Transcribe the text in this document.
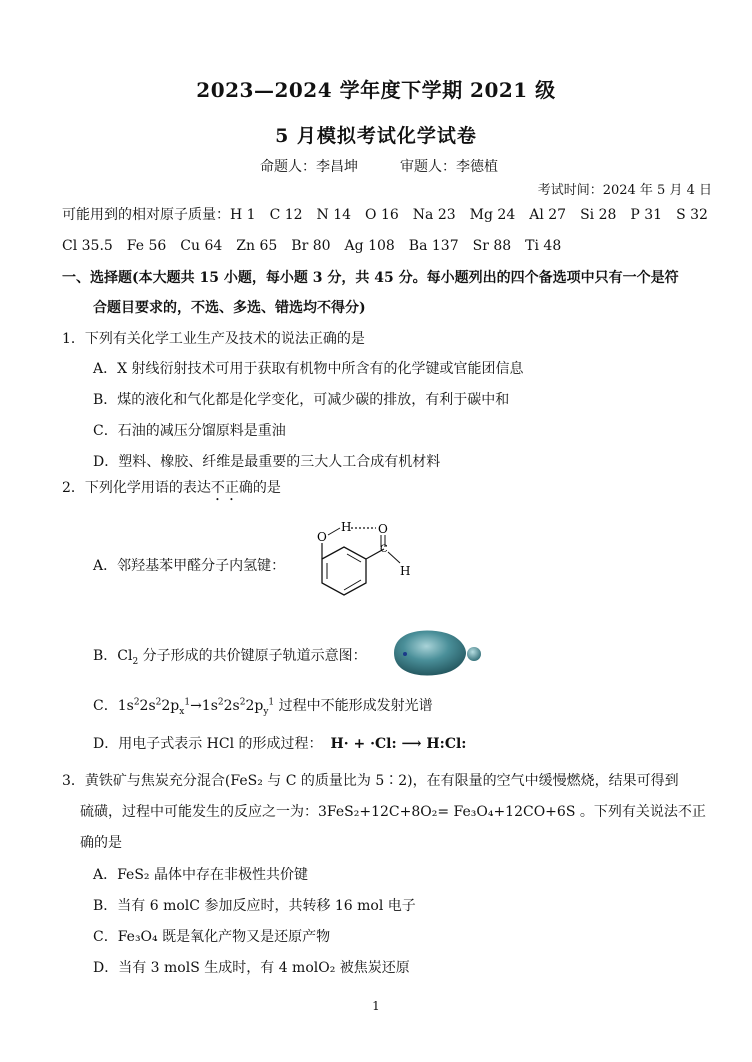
2023—2024 学年度下学期 2021 级
5 月模拟考试化学试卷
命题人：李昌坤	审题人：李德植
考试时间：2024 年 5 月 4 日
可能用到的相对原子质量：H 1　C 12　N 14　O 16　Na 23　Mg 24　Al 27　Si 28　P 31　S 32
Cl 35.5　Fe 56　Cu 64　Zn 65　Br 80　Ag 108　Ba 137　Sr 88　Ti 48
一、选择题(本大题共 15 小题，每小题 3 分，共 45 分。每小题列出的四个备选项中只有一个是符
合题目要求的，不选、多选、错选均不得分)
1．下列有关化学工业生产及技术的说法正确的是
A．X 射线衍射技术可用于获取有机物中所含有的化学键或官能团信息
B．煤的液化和气化都是化学变化，可减少碳的排放，有利于碳中和
C．石油的减压分馏原料是重油
D．塑料、橡胶、纤维是最重要的三大人工合成有机材料
2．下列化学用语的表达不正确的是
A．邻羟基苯甲醛分子内氢键：
O
H O
C
H
B．$Cl_2$ 分子形成的共价键原子轨道示意图：
C．$1s^22s^22p_x^1\to 1s^22s^22p_y^1$ 过程中不能形成发射光谱
D．用电子式表示 HCl 的形成过程： H· + ·Cl: ⟶ H:Cl:
3．黄铁矿与焦炭充分混合(FeS₂ 与 C 的质量比为 5∶2)，在有限量的空气中缓慢燃烧，结果可得到
硫磺，过程中可能发生的反应之一为：3FeS₂+12C+8O₂= Fe₃O₄+12CO+6S 。下列有关说法不正
确的是
A．FeS₂ 晶体中存在非极性共价键
B．当有 6 molC 参加反应时，共转移 16 mol 电子
C．Fe₃O₄ 既是氧化产物又是还原产物
D．当有 3 molS 生成时，有 4 molO₂ 被焦炭还原
1
